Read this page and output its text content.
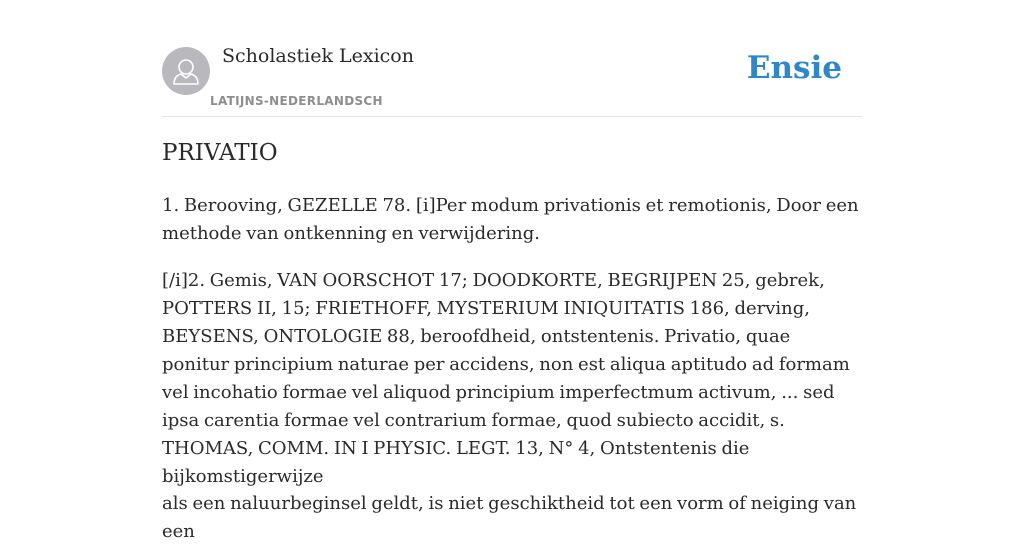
Scholastiek Lexicon
LATIJNS-NEDERLANDSCH
Ensie
PRIVATIO

1. Berooving, GEZELLE 78. [i]Per modum privationis et remotionis, Door een methode van ontkenning en verwijdering.

[/i]2. Gemis, VAN OORSCHOT 17; DOODKORTE, BEGRIJPEN 25, gebrek, POTTERS II, 15; FRIETHOFF, MYSTERIUM INIQUITATIS 186, derving, BEYSENS, ONTOLOGIE 88, beroofdheid, ontstentenis. Privatio, quae ponitur principium naturae per accidens, non est aliqua aptitudo ad formam vel incohatio formae vel aliquod principium imperfectmum activum, ... sed ipsa carentia formae vel contrarium formae, quod subiecto accidit, s. THOMAS, COMM. IN I PHYSIC. LEGT. 13, N° 4, Ontstentenis die bijkomstigerwijze

als een naluurbeginsel geldt, is niet geschiktheid tot een vorm of neiging van een
